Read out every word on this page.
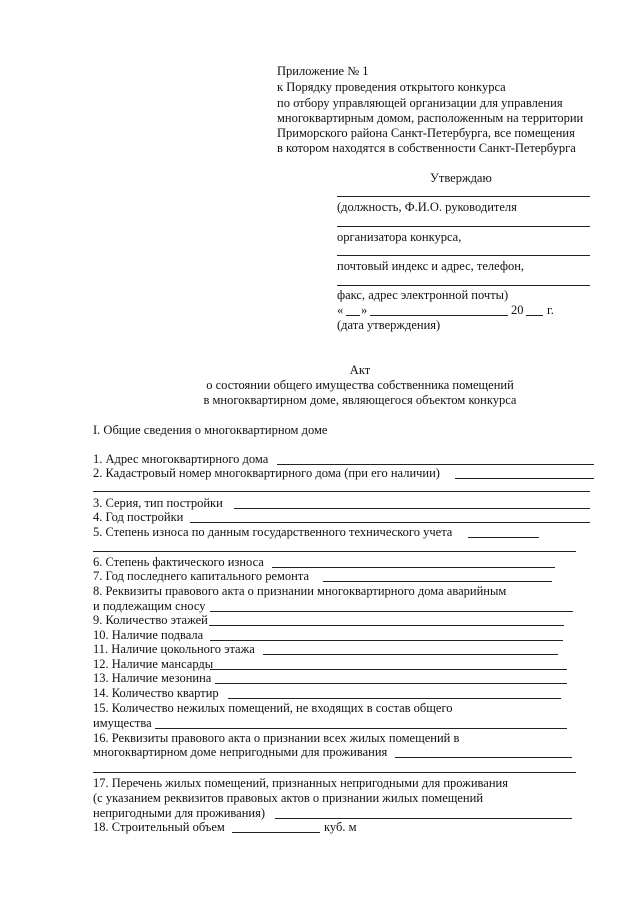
Приложение № 1
к Порядку проведения открытого конкурса
по отбору управляющей организации для управления
многоквартирным домом, расположенным на территории
Приморского района Санкт-Петербурга, все помещения
в котором находятся в собственности Санкт-Петербурга
Утверждаю
(должность, Ф.И.О. руководителя
организатора конкурса,
почтовый индекс и адрес, телефон,
факс, адрес электронной почты)
« »	20 г.
(дата утверждения)
Акт
о состоянии общего имущества собственника помещений
в многоквартирном доме, являющегося объектом конкурса
I. Общие сведения о многоквартирном доме
1. Адрес многоквартирного дома
2. Кадастровый номер многоквартирного дома (при его наличии)
3. Серия, тип постройки
4. Год постройки
5. Степень износа по данным государственного технического учета
6. Степень фактического износа
7. Год последнего капитального ремонта
8. Реквизиты правового акта о признании многоквартирного дома аварийным
и подлежащим сносу
9. Количество этажей
10. Наличие подвала
11. Наличие цокольного этажа
12. Наличие мансарды
13. Наличие мезонина
14. Количество квартир
15. Количество нежилых помещений, не входящих в состав общего
имущества
16. Реквизиты правового акта о признании всех жилых помещений в
многоквартирном доме непригодными для проживания
17. Перечень жилых помещений, признанных непригодными для проживания
(с указанием реквизитов правовых актов о признании жилых помещений
непригодными для проживания)
18. Строительный объем	куб. м
